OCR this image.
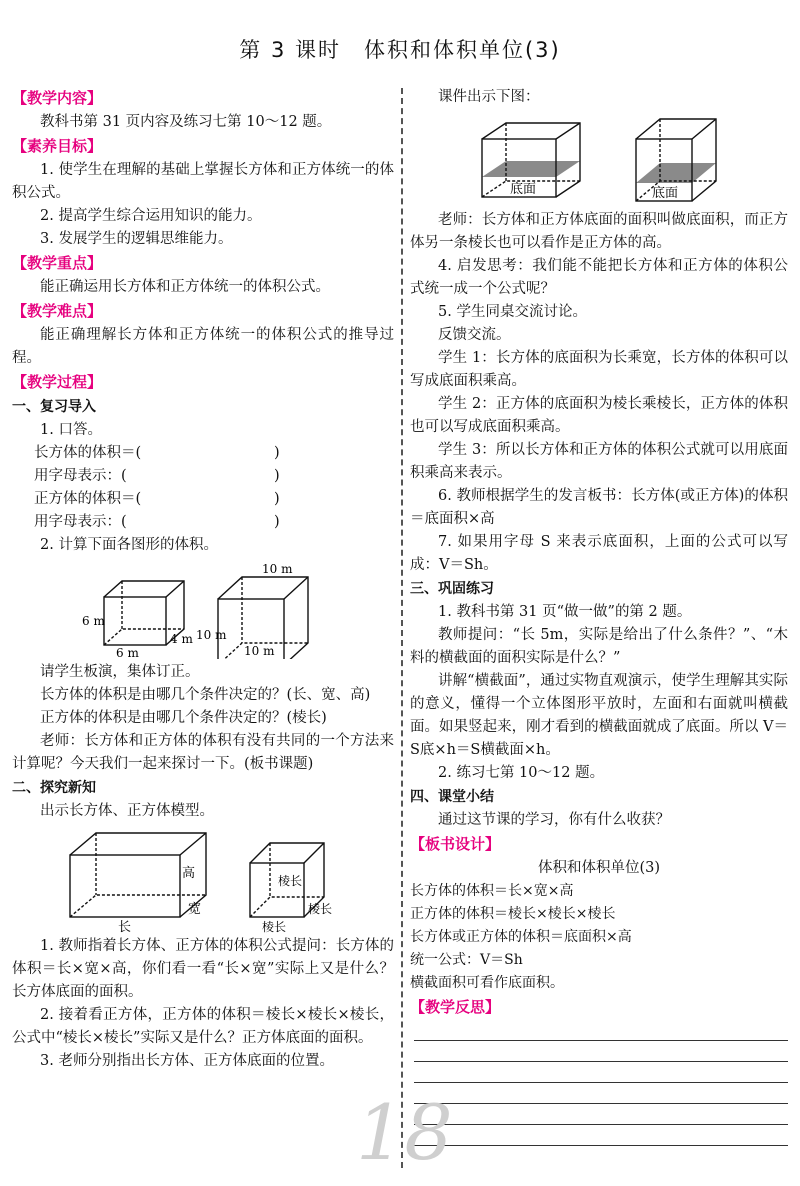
第 3 课时　体积和体积单位(3)

【教学内容】

教科书第 31 页内容及练习七第 10～12 题。

【素养目标】

1. 使学生在理解的基础上掌握长方体和正方体统一的体积公式。

2. 提高学生综合运用知识的能力。

3. 发展学生的逻辑思维能力。

【教学重点】

能正确运用长方体和正方体统一的体积公式。

【教学难点】

能正确理解长方体和正方体统一的体积公式的推导过程。

【教学过程】

一、复习导入

1. 口答。

长方体的体积＝(	)
用字母表示：(	)
正方体的体积＝(	)
用字母表示：(	)

2. 计算下面各图形的体积。

6 m
6 m
4 m
10 m
10 m
10 m

请学生板演，集体订正。

长方体的体积是由哪几个条件决定的？(长、宽、高)

正方体的体积是由哪几个条件决定的？(棱长)

老师：长方体和正方体的体积有没有共同的一个方法来计算呢？今天我们一起来探讨一下。(板书课题)

二、探究新知

出示长方体、正方体模型。

高
宽
长
棱长
棱长
棱长

1. 教师指着长方体、正方体的体积公式提问：长方体的体积＝长×宽×高，你们看一看“长×宽”实际上又是什么？长方体底面的面积。

2. 接着看正方体，正方体的体积＝棱长×棱长×棱长，公式中“棱长×棱长”实际又是什么？正方体底面的面积。

3. 老师分别指出长方体、正方体底面的位置。

课件出示下图：

底面	底面

老师：长方体和正方体底面的面积叫做底面积，而正方体另一条棱长也可以看作是正方体的高。

4. 启发思考：我们能不能把长方体和正方体的体积公式统一成一个公式呢？

5. 学生同桌交流讨论。

反馈交流。

学生 1：长方体的底面积为长乘宽，长方体的体积可以写成底面积乘高。

学生 2：正方体的底面积为棱长乘棱长，正方体的体积也可以写成底面积乘高。

学生 3：所以长方体和正方体的体积公式就可以用底面积乘高来表示。

6. 教师根据学生的发言板书：长方体(或正方体)的体积＝底面积×高

7. 如果用字母 S 来表示底面积，上面的公式可以写成：V＝Sh。

三、巩固练习

1. 教科书第 31 页“做一做”的第 2 题。

教师提问：“长 5m，实际是给出了什么条件？”、“木料的横截面的面积实际是什么？”

讲解“横截面”，通过实物直观演示，使学生理解其实际的意义，懂得一个立体图形平放时，左面和右面就叫横截面。如果竖起来，刚才看到的横截面就成了底面。所以 V＝S底×h＝S横截面×h。

2. 练习七第 10～12 题。

四、课堂小结

通过这节课的学习，你有什么收获？

【板书设计】

体积和体积单位(3)

长方体的体积＝长×宽×高

正方体的体积＝棱长×棱长×棱长

长方体或正方体的体积＝底面积×高

统一公式：V＝Sh

横截面积可看作底面积。

【教学反思】

18
